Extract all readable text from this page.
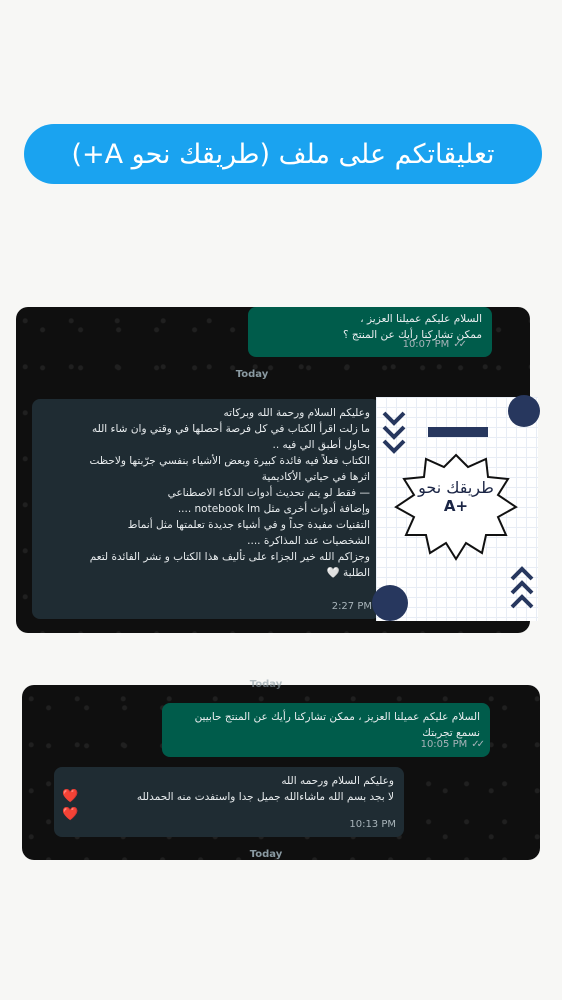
تعليقاتكم على ملف (طريقك نحو A+)
السلام عليكم عميلنا العزيز ،
ممكن تشاركنا رأيك عن المنتج ؟
10:07 PM ✓✓
Today
وعليكم السلام ورحمة الله وبركاته
ما زلت اقرأ الكتاب في كل فرصة أحصلها في وقتي وان شاء الله
بحاول أطبق الي فيه ..
الكتاب فعلاً فيه فائدة كبيرة وبعض الأشياء بنفسي جرّبتها ولاحظت
اثرها في حياتي الأكاديمية
— فقط لو يتم تحديث أدوات الذكاء الاصطناعي
وإضافة أدوات أخرى مثل notebook lm ....
التقنيات مفيدة جداً و في أشياء جديدة تعلمتها مثل أنماط
الشخصيات عند المذاكرة ....
وجزاكم الله خير الجزاء على تأليف هذا الكتاب و نشر الفائدة لتعم
الطلبة 🤍
2:27 PM
طريقك نحو
A+
Today
السلام عليكم عميلنا العزيز ، ممكن تشاركنا رأيك عن المنتج حابيين
نسمع تجربتك
10:05 PM ✓✓
وعليكم السلام ورحمه الله
لا بجد بسم الله ماشاءالله جميل جدا واستفدت منه الحمدلله
10:13 PM
❤️
❤️
Today
